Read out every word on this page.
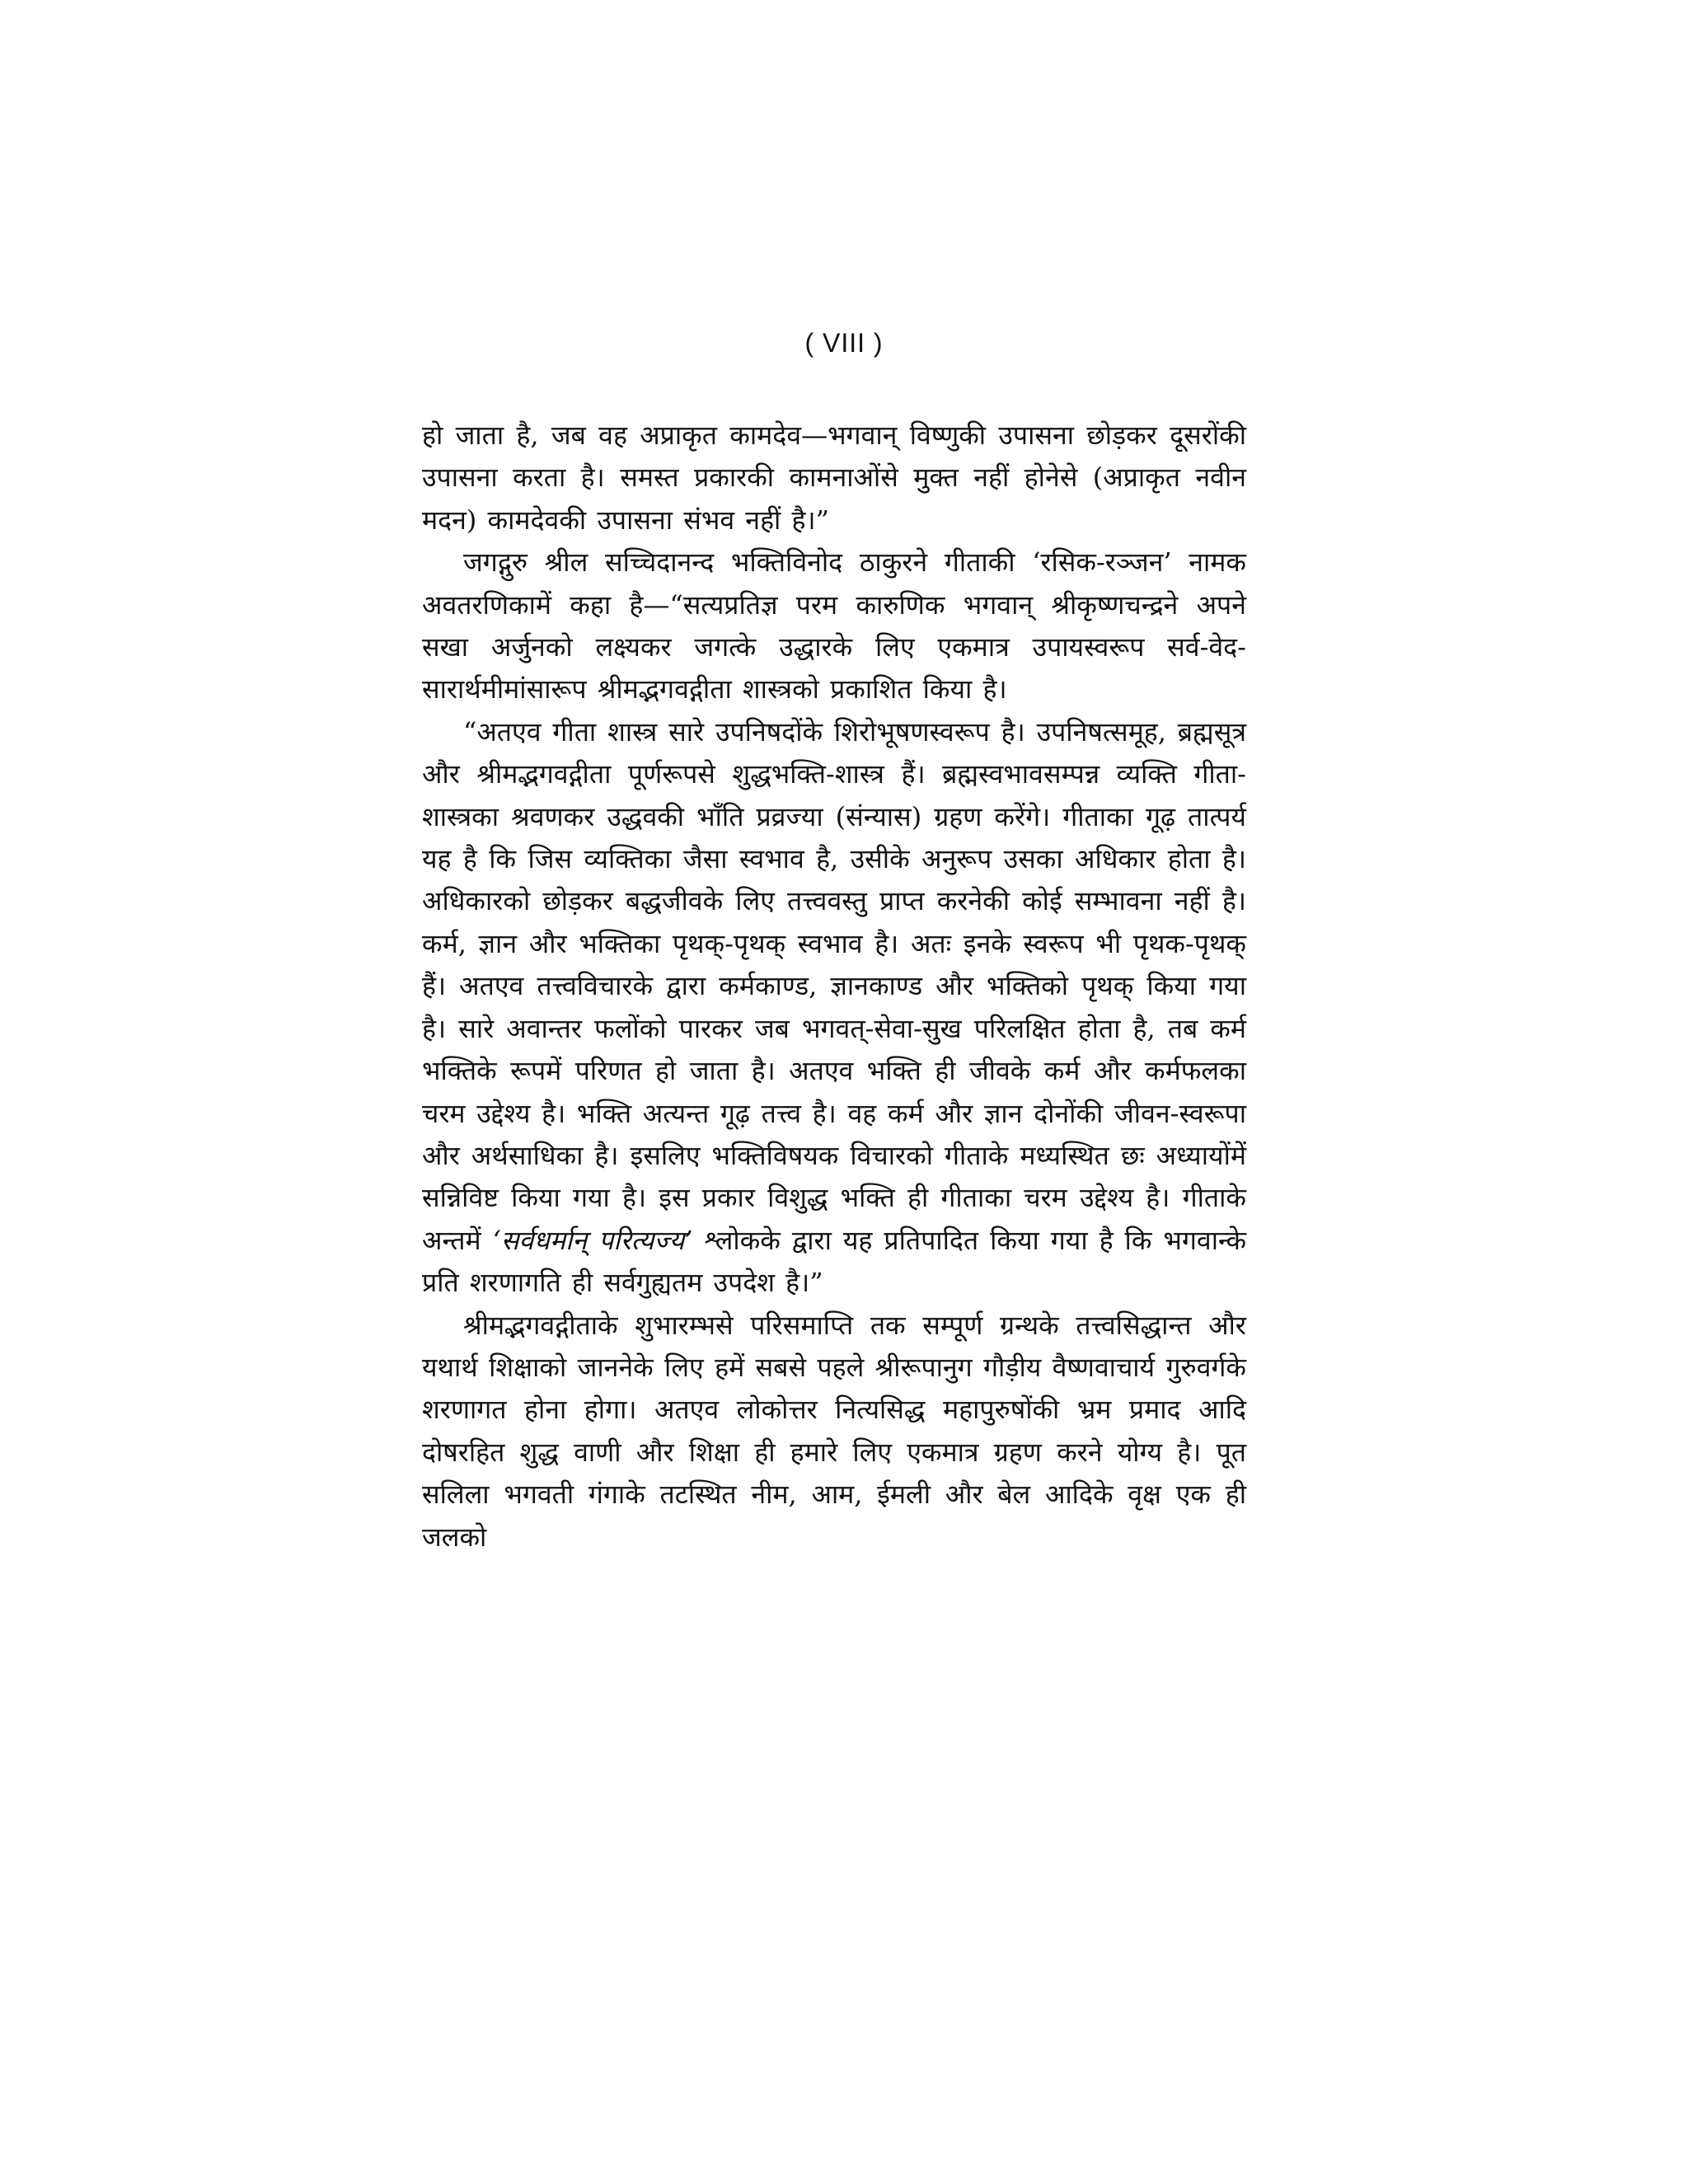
( VIII )

हो जाता है, जब वह अप्राकृत कामदेव—भगवान् विष्णुकी उपासना छोड़कर दूसरोंकी उपासना करता है। समस्त प्रकारकी कामनाओंसे मुक्त नहीं होनेसे (अप्राकृत नवीन मदन) कामदेवकी उपासना संभव नहीं है।”

जगद्गुरु श्रील सच्चिदानन्द भक्तिविनोद ठाकुरने गीताकी ‘रसिक-रञ्जन’ नामक अवतरणिकामें कहा है—“सत्यप्रतिज्ञ परम कारुणिक भगवान् श्रीकृष्णचन्द्रने अपने सखा अर्जुनको लक्ष्यकर जगत्के उद्धारके लिए एकमात्र उपायस्वरूप सर्व-वेद-सारार्थमीमांसारूप श्रीमद्भगवद्गीता शास्त्रको प्रकाशित किया है।

“अतएव गीता शास्त्र सारे उपनिषदोंके शिरोभूषणस्वरूप है। उपनिषत्समूह, ब्रह्मसूत्र और श्रीमद्भगवद्गीता पूर्णरूपसे शुद्धभक्ति-शास्त्र हैं। ब्रह्मस्वभावसम्पन्न व्यक्ति गीता-शास्त्रका श्रवणकर उद्धवकी भाँति प्रव्रज्या (संन्यास) ग्रहण करेंगे। गीताका गूढ़ तात्पर्य यह है कि जिस व्यक्तिका जैसा स्वभाव है, उसीके अनुरूप उसका अधिकार होता है। अधिकारको छोड़कर बद्धजीवके लिए तत्त्ववस्तु प्राप्त करनेकी कोई सम्भावना नहीं है। कर्म, ज्ञान और भक्तिका पृथक्-पृथक् स्वभाव है। अतः इनके स्वरूप भी पृथक-पृथक् हैं। अतएव तत्त्वविचारके द्वारा कर्मकाण्ड, ज्ञानकाण्ड और भक्तिको पृथक् किया गया है। सारे अवान्तर फलोंको पारकर जब भगवत्-सेवा-सुख परिलक्षित होता है, तब कर्म भक्तिके रूपमें परिणत हो जाता है। अतएव भक्ति ही जीवके कर्म और कर्मफलका चरम उद्देश्य है। भक्ति अत्यन्त गूढ़ तत्त्व है। वह कर्म और ज्ञान दोनोंकी जीवन-स्वरूपा और अर्थसाधिका है। इसलिए भक्तिविषयक विचारको गीताके मध्यस्थित छः अध्यायोंमें सन्निविष्ट किया गया है। इस प्रकार विशुद्ध भक्ति ही गीताका चरम उद्देश्य है। गीताके अन्तमें ‘सर्वधर्मान् परित्यज्य’ श्लोकके द्वारा यह प्रतिपादित किया गया है कि भगवान्के प्रति शरणागति ही सर्वगुह्यतम उपदेश है।”

श्रीमद्भगवद्गीताके शुभारम्भसे परिसमाप्ति तक सम्पूर्ण ग्रन्थके तत्त्वसिद्धान्त और यथार्थ शिक्षाको जाननेके लिए हमें सबसे पहले श्रीरूपानुग गौड़ीय वैष्णवाचार्य गुरुवर्गके शरणागत होना होगा। अतएव लोकोत्तर नित्यसिद्ध महापुरुषोंकी भ्रम प्रमाद आदि दोषरहित शुद्ध वाणी और शिक्षा ही हमारे लिए एकमात्र ग्रहण करने योग्य है। पूत सलिला भगवती गंगाके तटस्थित नीम, आम, ईमली और बेल आदिके वृक्ष एक ही जलको
